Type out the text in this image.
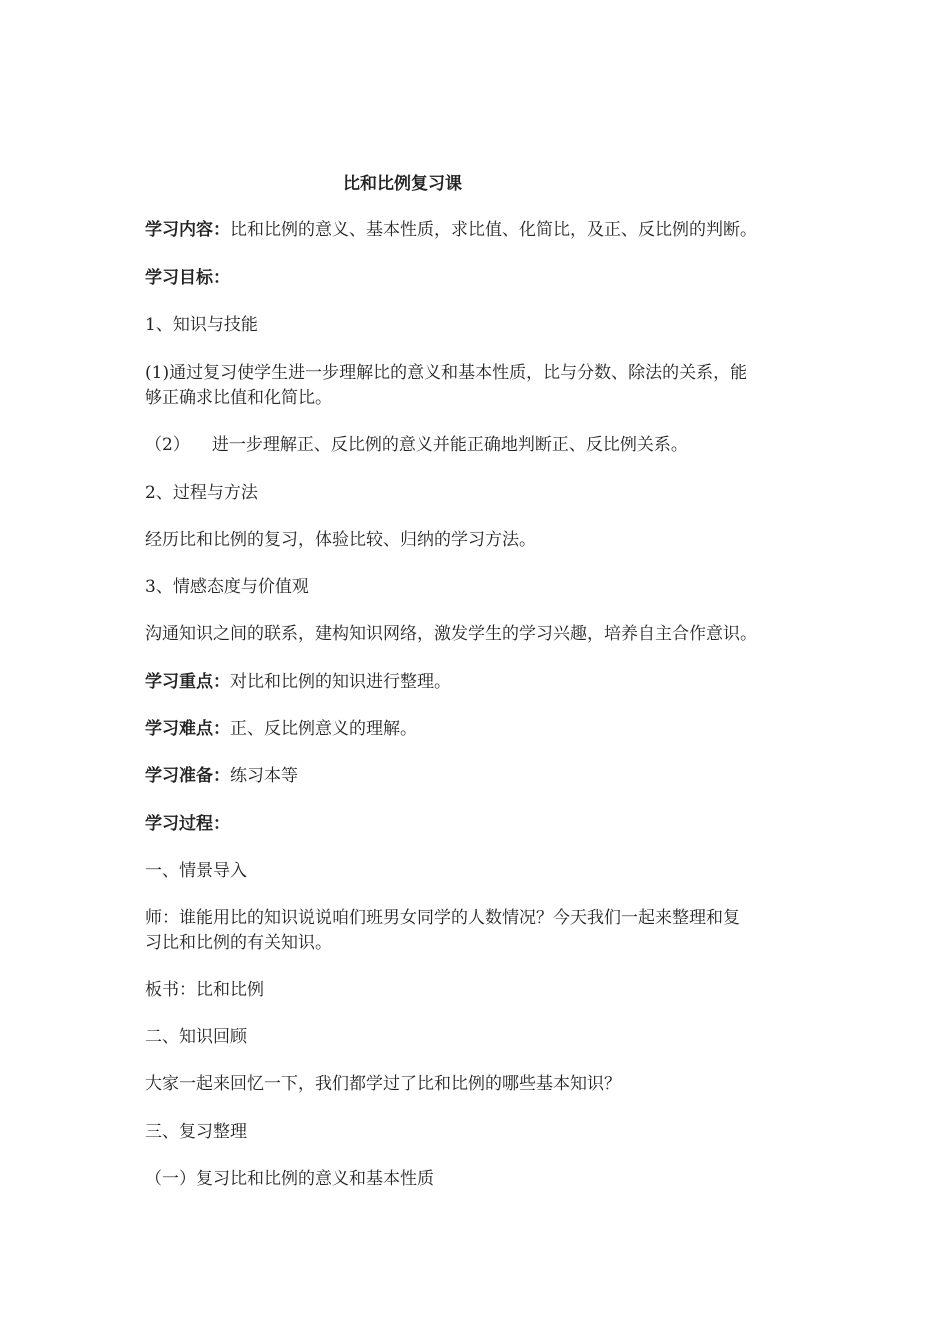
比和比例复习课
学习内容：比和比例的意义、基本性质，求比值、化简比，及正、反比例的判断。
学习目标：
1、知识与技能
(1)通过复习使学生进一步理解比的意义和基本性质，比与分数、除法的关系，能
够正确求比值和化简比。
（2） 进一步理解正、反比例的意义并能正确地判断正、反比例关系。
2、过程与方法
经历比和比例的复习，体验比较、归纳的学习方法。
3、情感态度与价值观
沟通知识之间的联系，建构知识网络，激发学生的学习兴趣，培养自主合作意识。
学习重点：对比和比例的知识进行整理。
学习难点：正、反比例意义的理解。
学习准备：练习本等
学习过程：
一、情景导入
师：谁能用比的知识说说咱们班男女同学的人数情况？今天我们一起来整理和复
习比和比例的有关知识。
板书：比和比例
二、知识回顾
大家一起来回忆一下，我们都学过了比和比例的哪些基本知识？
三、复习整理
（一）复习比和比例的意义和基本性质
